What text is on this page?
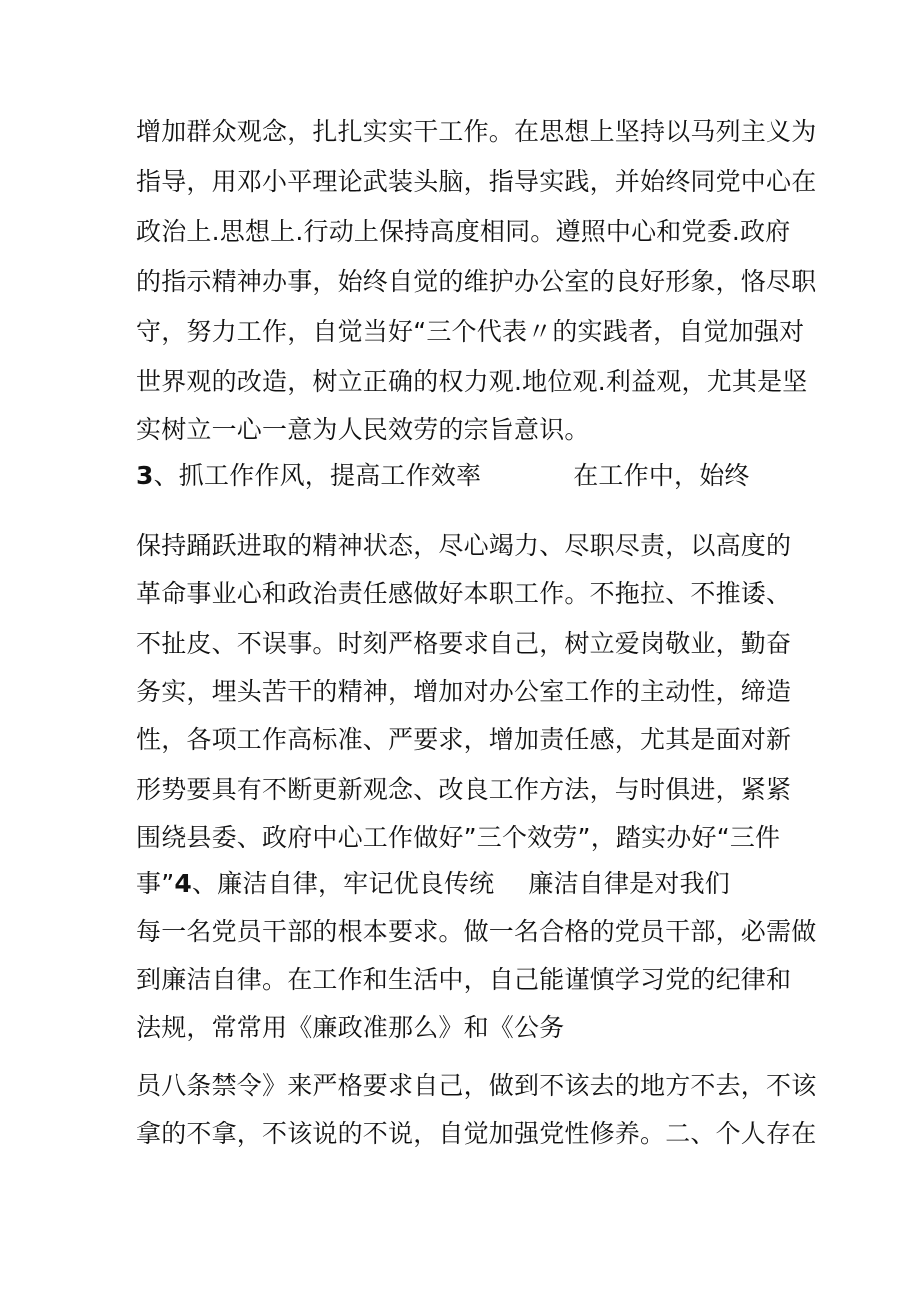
增加群众观念，扎扎实实干工作。在思想上坚持以马列主义为
指导，用邓小平理论武装头脑，指导实践，并始终同党中心在
政治上.思想上.行动上保持高度相同。遵照中心和党委.政府
的指示精神办事，始终自觉的维护办公室的良好形象，恪尽职
守，努力工作，自觉当好“三个代表〃的实践者，自觉加强对
世界观的改造，树立正确的权力观.地位观.利益观，尤其是坚
实树立一心一意为人民效劳的宗旨意识。
3、抓工作作风，提高工作效率	在工作中，始终
保持踊跃进取的精神状态，尽心竭力、尽职尽责，以高度的
革命事业心和政治责任感做好本职工作。不拖拉、不推诿、
不扯皮、不误事。时刻严格要求自己，树立爱岗敬业，勤奋
务实，埋头苦干的精神，增加对办公室工作的主动性，缔造
性，各项工作高标准、严要求，增加责任感，尤其是面对新
形势要具有不断更新观念、改良工作方法，与时俱进，紧紧
围绕县委、政府中心工作做好”三个效劳”，踏实办好“三件
事”4、廉洁自律，牢记优良传统 廉洁自律是对我们
每一名党员干部的根本要求。做一名合格的党员干部，必需做
到廉洁自律。在工作和生活中，自己能谨慎学习党的纪律和
法规，常常用《廉政准那么》和《公务
员八条禁令》来严格要求自己，做到不该去的地方不去，不该
拿的不拿，不该说的不说，自觉加强党性修养。二、个人存在
